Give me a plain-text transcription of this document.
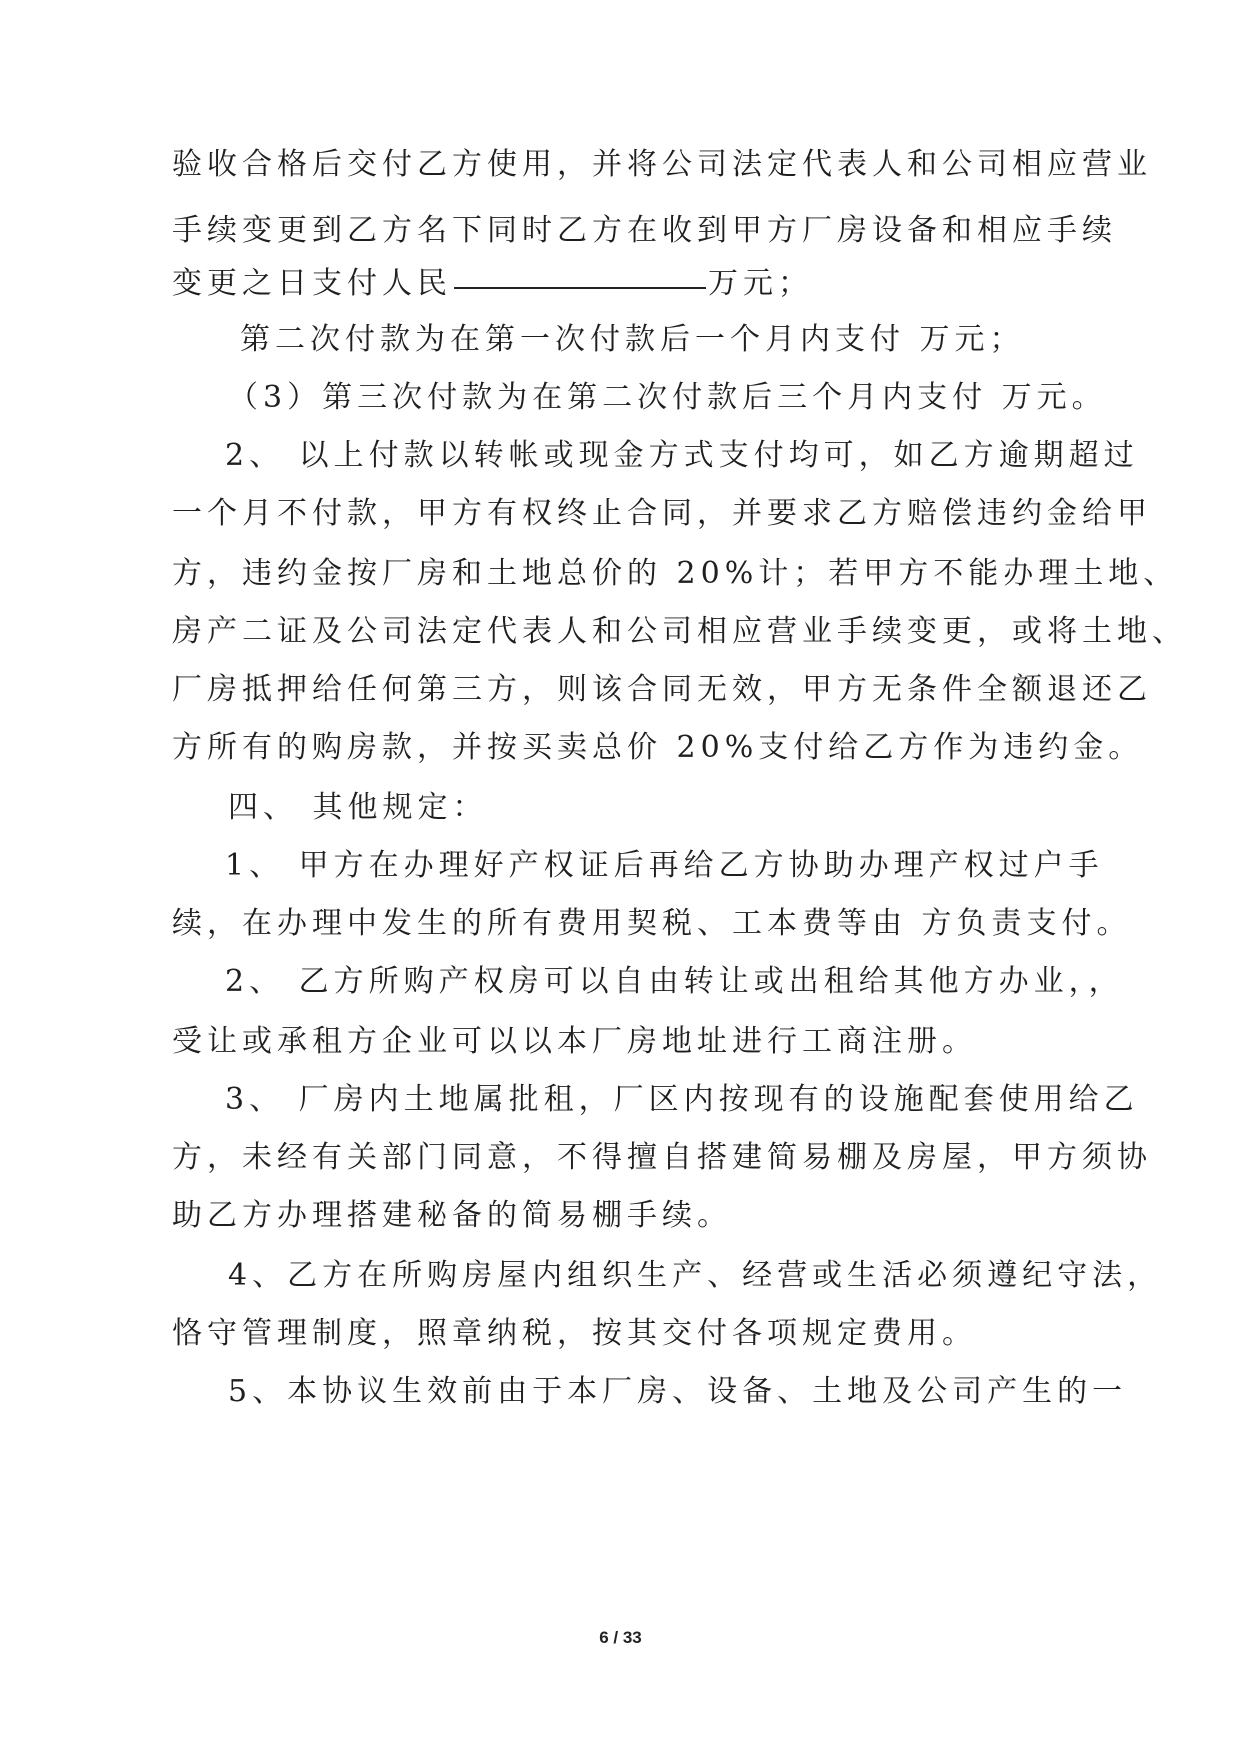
验收合格后交付乙方使用，并将公司法定代表人和公司相应营业
手续变更到乙方名下同时乙方在收到甲方厂房设备和相应手续
变更之日支付人民	万元；
第二次付款为在第一次付款后一个月内支付 万元；
（3）第三次付款为在第二次付款后三个月内支付 万元。
2、 以上付款以转帐或现金方式支付均可，如乙方逾期超过
一个月不付款，甲方有权终止合同，并要求乙方赔偿违约金给甲
方，违约金按厂房和土地总价的 20%计；若甲方不能办理土地、
房产二证及公司法定代表人和公司相应营业手续变更，或将土地、
厂房抵押给任何第三方，则该合同无效，甲方无条件全额退还乙
方所有的购房款，并按买卖总价 20%支付给乙方作为违约金。
四、 其他规定：
1、 甲方在办理好产权证后再给乙方协助办理产权过户手
续，在办理中发生的所有费用契税、工本费等由 方负责支付。
2、 乙方所购产权房可以自由转让或出租给其他方办业，，
受让或承租方企业可以以本厂房地址进行工商注册。
3、 厂房内土地属批租，厂区内按现有的设施配套使用给乙
方，未经有关部门同意，不得擅自搭建简易棚及房屋，甲方须协
助乙方办理搭建秘备的简易棚手续。
4、乙方在所购房屋内组织生产、经营或生活必须遵纪守法，
恪守管理制度，照章纳税，按其交付各项规定费用。
5、本协议生效前由于本厂房、设备、土地及公司产生的一
6 / 33
